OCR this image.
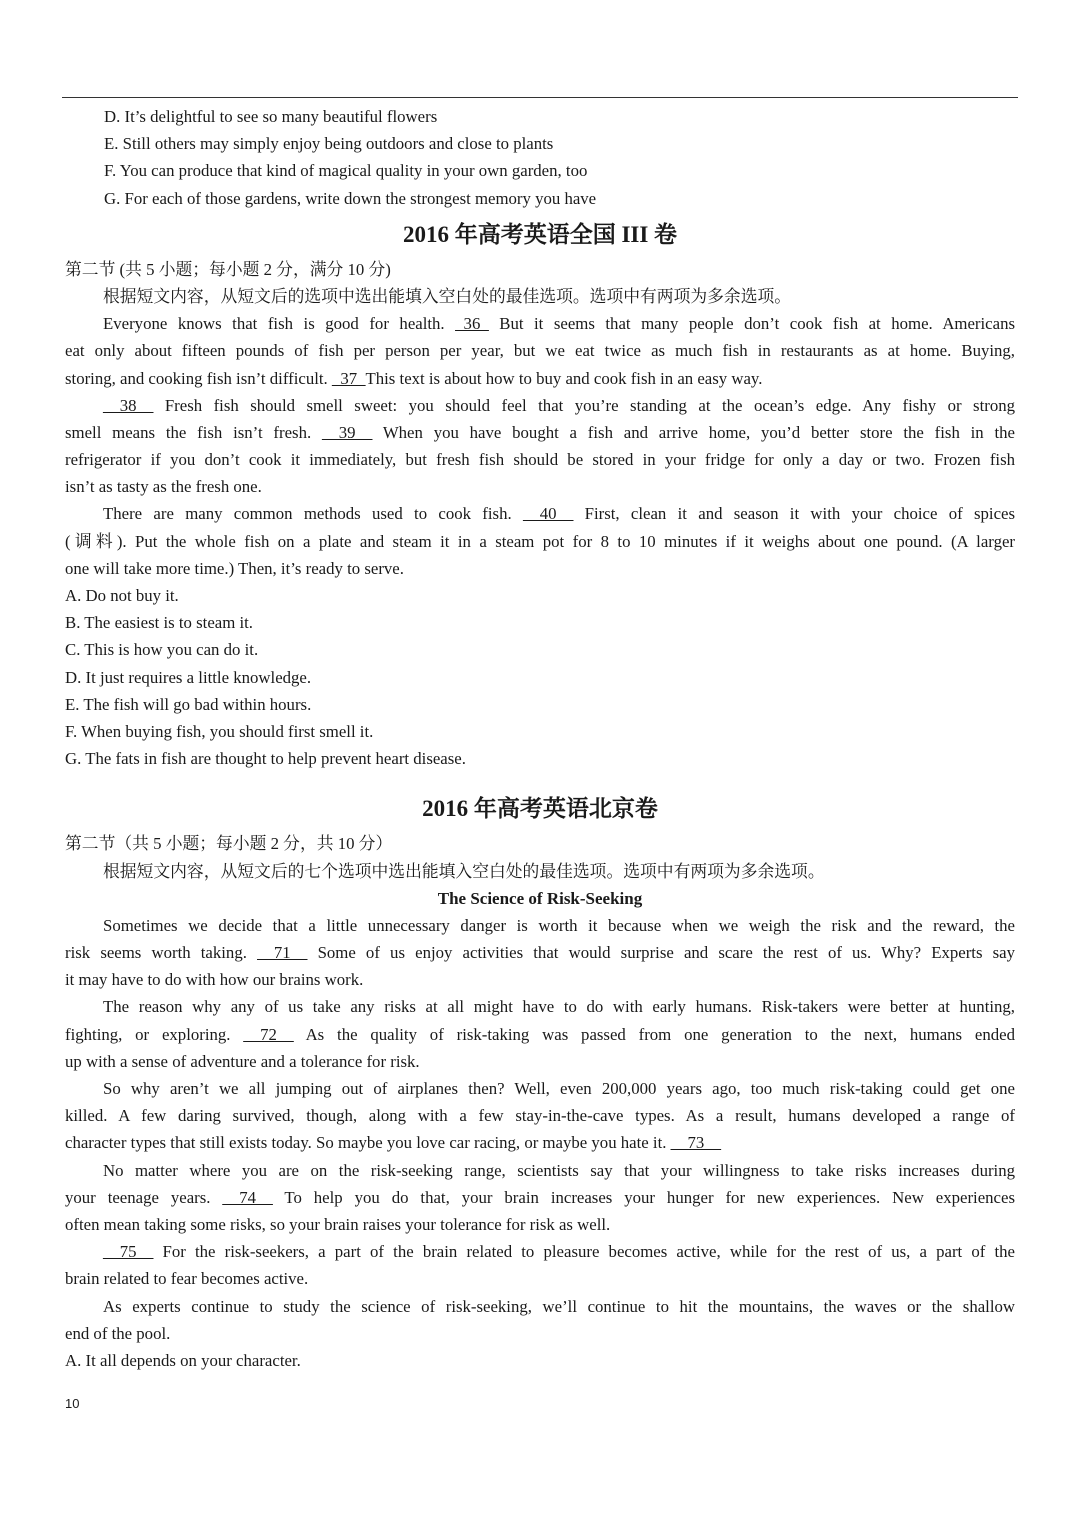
D. It’s delightful to see so many beautiful flowers
E. Still others may simply enjoy being outdoors and close to plants
F. You can produce that kind of magical quality in your own garden, too
G. For each of those gardens, write down the strongest memory you have
2016 年高考英语全国 III 卷
第二节 (共 5 小题；每小题 2 分，满分 10 分)
根据短文内容，从短文后的选项中选出能填入空白处的最佳选项。选项中有两项为多余选项。
Everyone knows that fish is good for health. _36_ But it seems that many people don’t cook fish at home. Americans
eat only about fifteen pounds of fish per person per year, but we eat twice as much fish in restaurants as at home. Buying,
storing, and cooking fish isn’t difficult. _37_This text is about how to buy and cook fish in an easy way.
__38__ Fresh fish should smell sweet: you should feel that you’re standing at the ocean’s edge. Any fishy or strong
smell means the fish isn’t fresh. __39__ When you have bought a fish and arrive home, you’d better store the fish in the
refrigerator if you don’t cook it immediately, but fresh fish should be stored in your fridge for only a day or two. Frozen fish
isn’t as tasty as the fresh one.
There are many common methods used to cook fish. __40__ First, clean it and season it with your choice of spices
(调料). Put the whole fish on a plate and steam it in a steam pot for 8 to 10 minutes if it weighs about one pound. (A larger
one will take more time.) Then, it’s ready to serve.
A. Do not buy it.
B. The easiest is to steam it.
C. This is how you can do it.
D. It just requires a little knowledge.
E. The fish will go bad within hours.
F. When buying fish, you should first smell it.
G. The fats in fish are thought to help prevent heart disease.
2016 年高考英语北京卷
第二节（共 5 小题；每小题 2 分，共 10 分）
根据短文内容，从短文后的七个选项中选出能填入空白处的最佳选项。选项中有两项为多余选项。
The Science of Risk-Seeking
Sometimes we decide that a little unnecessary danger is worth it because when we weigh the risk and the reward, the
risk seems worth taking. __71__ Some of us enjoy activities that would surprise and scare the rest of us. Why? Experts say
it may have to do with how our brains work.
The reason why any of us take any risks at all might have to do with early humans. Risk-takers were better at hunting,
fighting, or exploring. __72__ As the quality of risk-taking was passed from one generation to the next, humans ended
up with a sense of adventure and a tolerance for risk.
So why aren’t we all jumping out of airplanes then? Well, even 200,000 years ago, too much risk-taking could get one
killed. A few daring survived, though, along with a few stay-in-the-cave types. As a result, humans developed a range of
character types that still exists today. So maybe you love car racing, or maybe you hate it. __73__
No matter where you are on the risk-seeking range, scientists say that your willingness to take risks increases during
your teenage years. __74__ To help you do that, your brain increases your hunger for new experiences. New experiences
often mean taking some risks, so your brain raises your tolerance for risk as well.
__75__ For the risk-seekers, a part of the brain related to pleasure becomes active, while for the rest of us, a part of the
brain related to fear becomes active.
As experts continue to study the science of risk-seeking, we’ll continue to hit the mountains, the waves or the shallow
end of the pool.
A. It all depends on your character.
10
